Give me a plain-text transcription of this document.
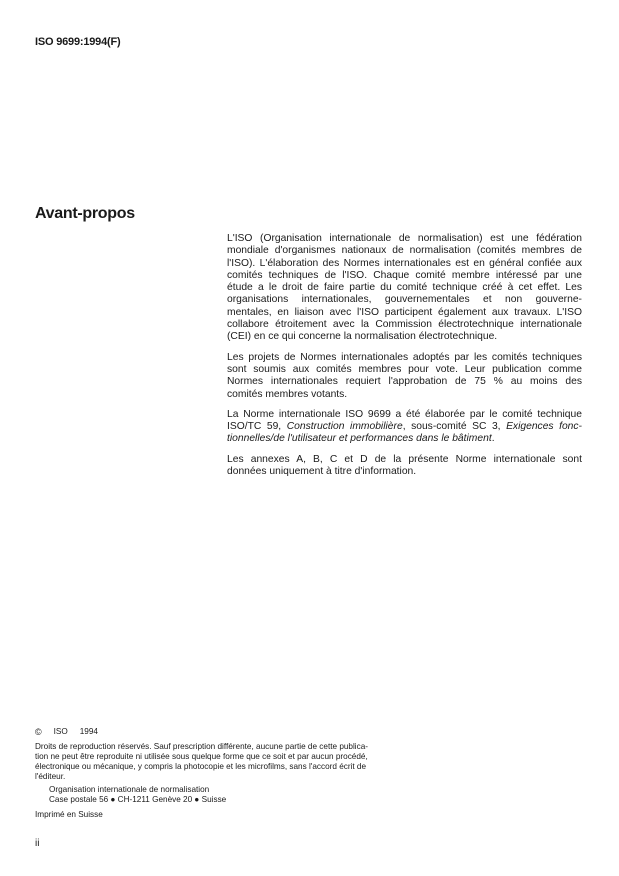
ISO 9699:1994(F)
Avant-propos

L'ISO (Organisation internationale de normalisation) est une fédération
mondiale d'organismes nationaux de normalisation (comités membres de
l'ISO). L'élaboration des Normes internationales est en général confiée aux
comités techniques de l'ISO. Chaque comité membre intéressé par une
étude a le droit de faire partie du comité technique créé à cet effet. Les
organisations internationales, gouvernementales et non gouverne-
mentales, en liaison avec l'ISO participent également aux travaux. L'ISO
collabore étroitement avec la Commission électrotechnique internationale
(CEI) en ce qui concerne la normalisation électrotechnique.

Les projets de Normes internationales adoptés par les comités techniques
sont soumis aux comités membres pour vote. Leur publication comme
Normes internationales requiert l'approbation de 75 % au moins des
comités membres votants.

La Norme internationale ISO 9699 a été élaborée par le comité technique
ISO/TC 59, Construction immobilière, sous-comité SC 3, Exigences fonc-
tionnelles/de l'utilisateur et performances dans le bâtiment.

Les annexes A, B, C et D de la présente Norme internationale sont
données uniquement à titre d'information.

© ISO 1994
Droits de reproduction réservés. Sauf prescription différente, aucune partie de cette publica-
tion ne peut être reproduite ni utilisée sous quelque forme que ce soit et par aucun procédé,
électronique ou mécanique, y compris la photocopie et les microfilms, sans l'accord écrit de
l'éditeur.
Organisation internationale de normalisation
Case postale 56 ● CH-1211 Genève 20 ● Suisse
Imprimé en Suisse
ii
